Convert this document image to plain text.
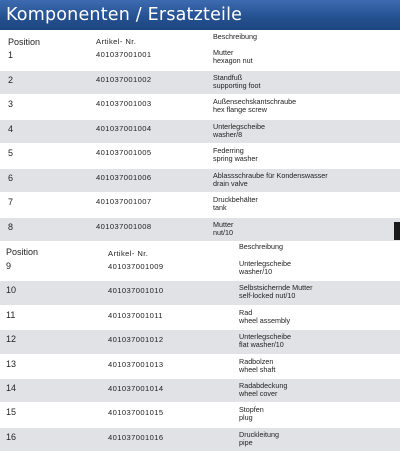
Komponenten / Ersatzteile
Position	Artikel- Nr.
Beschreibung
1	401037001001	Mutter
hexagon nut
2	401037001002	Standfuß
supporting foot
3	401037001003	Außensechskantschraube
hex flange screw
4	401037001004	Unterlegscheibe
washer/8
5	401037001005	Federring
spring washer
6	401037001006	Ablassschraube für Kondenswasser
drain valve
7	401037001007	Druckbehälter
tank
8	401037001008	Mutter
nut/10
Position	Artikel- Nr.
Beschreibung
9	401037001009	Unterlegscheibe
washer/10
10	401037001010	Selbstsichernde Mutter
self-locked nut/10
11	401037001011	Rad
wheel assembly
12	401037001012	Unterlegscheibe
flat washer/10
13	401037001013	Radbolzen
wheel shaft
14	401037001014	Radabdeckung
wheel cover
15	401037001015	Stopfen
plug
16	401037001016	Druckleitung
pipe
